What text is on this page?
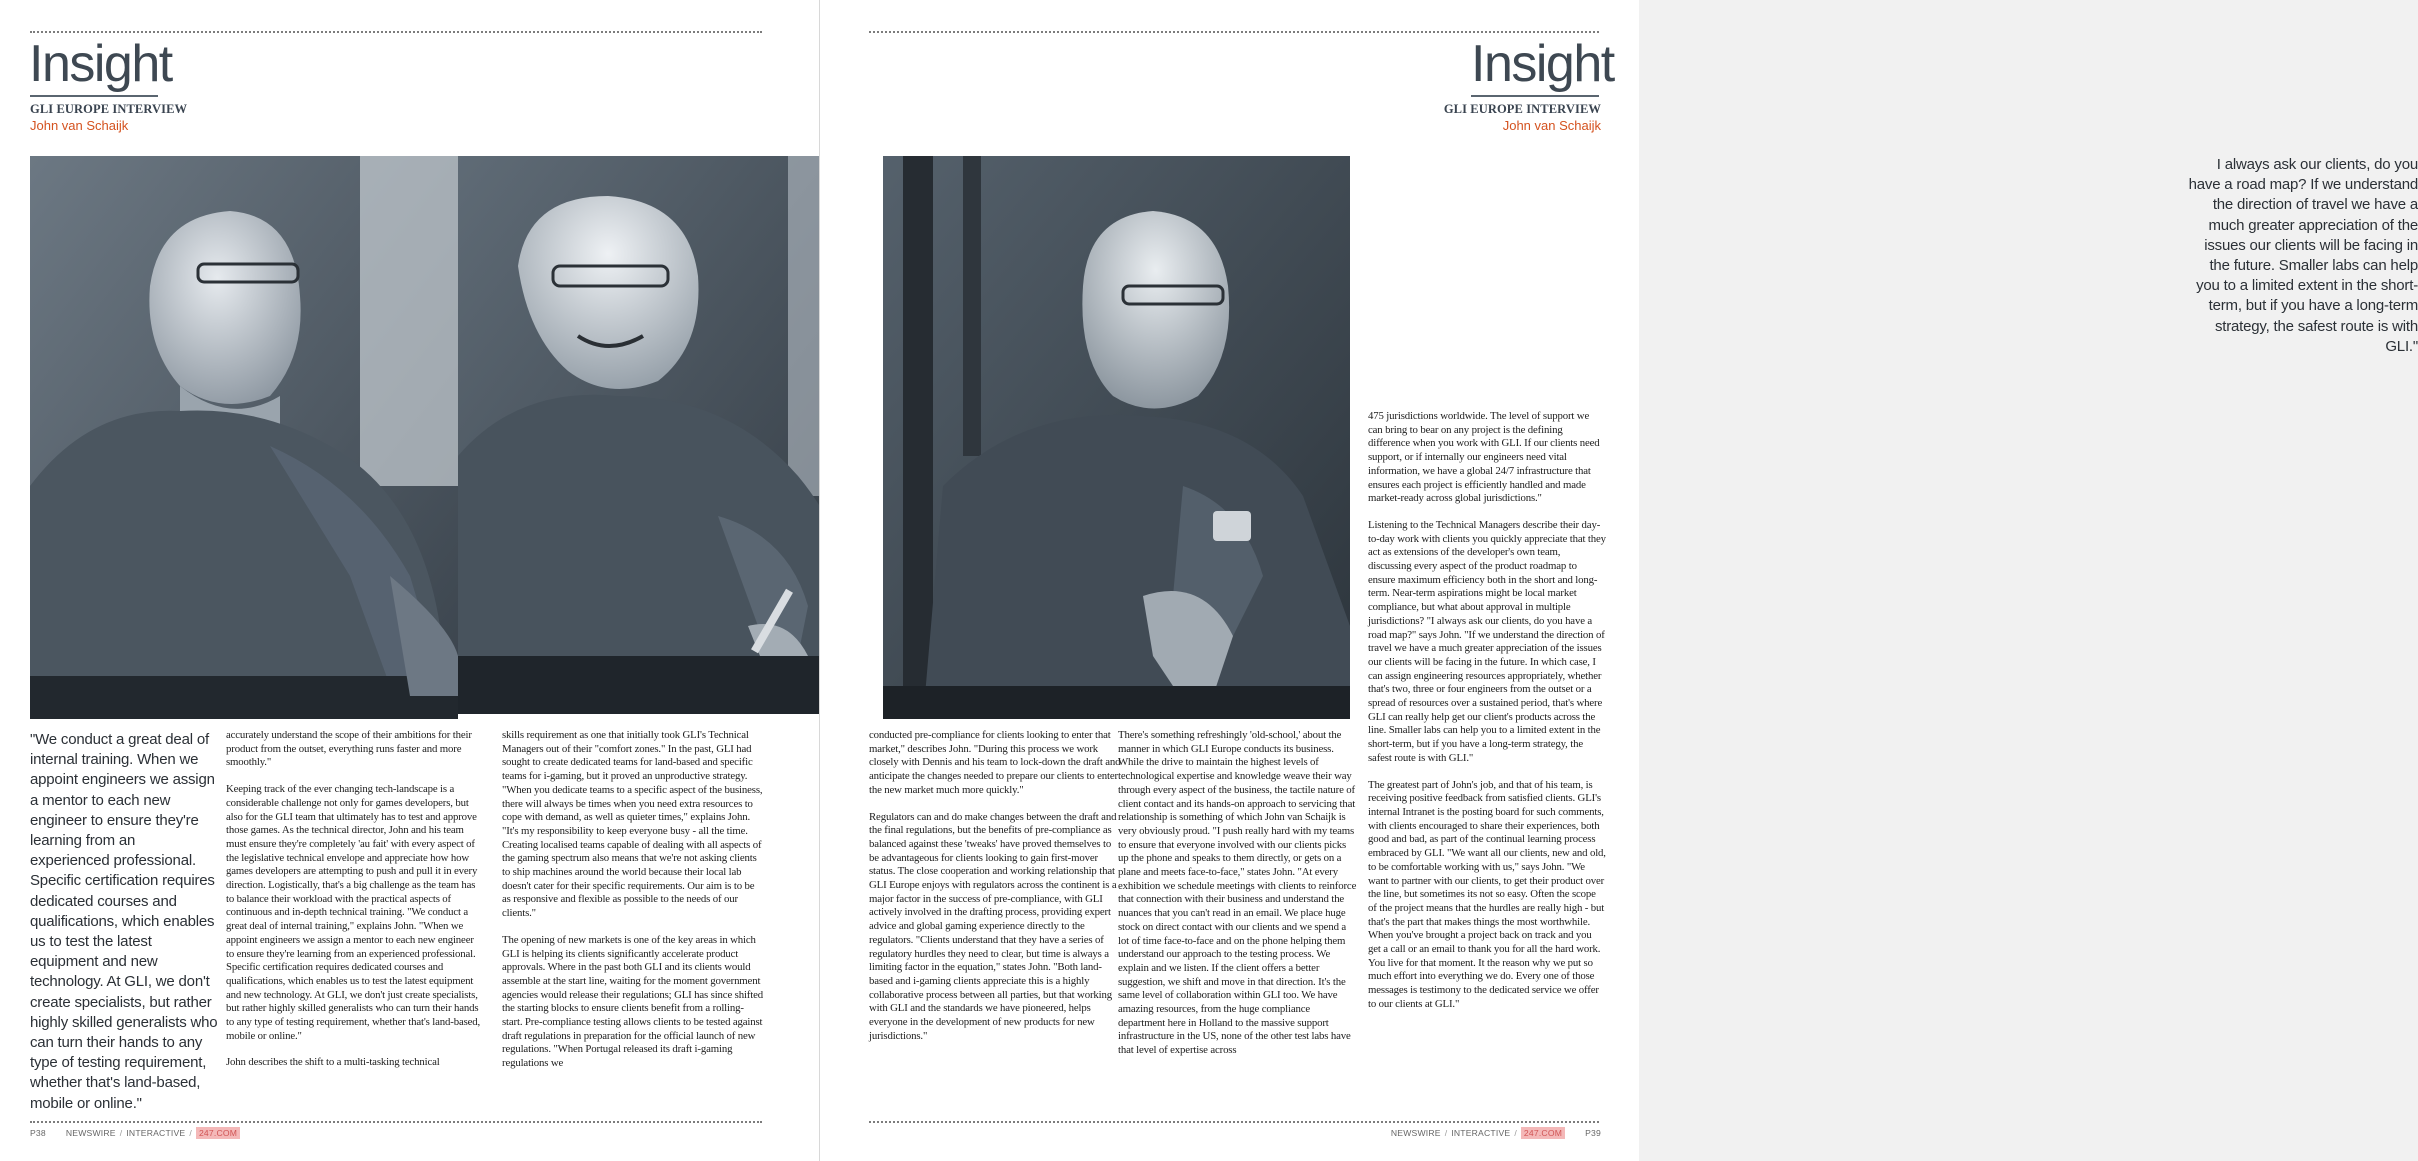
Insight
GLI EUROPE INTERVIEW
John van Schaijk

"We conduct a great deal of internal training. When we appoint engineers we assign a mentor to each new engineer to ensure they're learning from an experienced professional. Specific certification requires dedicated courses and qualifications, which enables us to test the latest equipment and new technology. At GLI, we don't create specialists, but rather highly skilled generalists who can turn their hands to any type of testing requirement, whether that's land-based, mobile or online."

accurately understand the scope of their ambitions for their product from the outset, everything runs faster and more smoothly."

Keeping track of the ever changing tech-landscape is a considerable challenge not only for games developers, but also for the GLI team that ultimately has to test and approve those games. As the technical director, John and his team must ensure they're completely 'au fait' with every aspect of the legislative technical envelope and appreciate how how games developers are attempting to push and pull it in every direction. Logistically, that's a big challenge as the team has to balance their workload with the practical aspects of continuous and in-depth technical training. "We conduct a great deal of internal training," explains John. "When we appoint engineers we assign a mentor to each new engineer to ensure they're learning from an experienced professional. Specific certification requires dedicated courses and qualifications, which enables us to test the latest equipment and new technology. At GLI, we don't just create specialists, but rather highly skilled generalists who can turn their hands to any type of testing requirement, whether that's land-based, mobile or online."

John describes the shift to a multi-tasking technical

skills requirement as one that initially took GLI's Technical Managers out of their "comfort zones." In the past, GLI had sought to create dedicated teams for land-based and specific teams for i-gaming, but it proved an unproductive strategy. "When you dedicate teams to a specific aspect of the business, there will always be times when you need extra resources to cope with demand, as well as quieter times," explains John. "It's my responsibility to keep everyone busy - all the time. Creating localised teams capable of dealing with all aspects of the gaming spectrum also means that we're not asking clients to ship machines around the world because their local lab doesn't cater for their specific requirements. Our aim is to be as responsive and flexible as possible to the needs of our clients."

The opening of new markets is one of the key areas in which GLI is helping its clients significantly accelerate product approvals. Where in the past both GLI and its clients would assemble at the start line, waiting for the moment government agencies would release their regulations; GLI has since shifted the starting blocks to ensure clients benefit from a rolling-start. Pre-compliance testing allows clients to be tested against draft regulations in preparation for the official launch of new regulations. "When Portugal released its draft i-gaming regulations we

P38 NEWSWIRE / INTERACTIVE / 247.COM
Insight
GLI EUROPE INTERVIEW
John van Schaijk

I always ask our clients, do you have a road map? If we understand the direction of travel we have a much greater appreciation of the issues our clients will be facing in the future. Smaller labs can help you to a limited extent in the short-term, but if you have a long-term strategy, the safest route is with GLI."

conducted pre-compliance for clients looking to enter that market," describes John. "During this process we work closely with Dennis and his team to lock-down the draft and anticipate the changes needed to prepare our clients to enter the new market much more quickly."

Regulators can and do make changes between the draft and the final regulations, but the benefits of pre-compliance as balanced against these 'tweaks' have proved themselves to be advantageous for clients looking to gain first-mover status. The close cooperation and working relationship that GLI Europe enjoys with regulators across the continent is a major factor in the success of pre-compliance, with GLI actively involved in the drafting process, providing expert advice and global gaming experience directly to the regulators. "Clients understand that they have a series of regulatory hurdles they need to clear, but time is always a limiting factor in the equation," states John. "Both land-based and i-gaming clients appreciate this is a highly collaborative process between all parties, but that working with GLI and the standards we have pioneered, helps everyone in the development of new products for new jurisdictions."

There's something refreshingly 'old-school,' about the manner in which GLI Europe conducts its business. While the drive to maintain the highest levels of technological expertise and knowledge weave their way through every aspect of the business, the tactile nature of client contact and its hands-on approach to servicing that relationship is something of which John van Schaijk is very obviously proud. "I push really hard with my teams to ensure that everyone involved with our clients picks up the phone and speaks to them directly, or gets on a plane and meets face-to-face," states John. "At every exhibition we schedule meetings with clients to reinforce that connection with their business and understand the nuances that you can't read in an email. We place huge stock on direct contact with our clients and we spend a lot of time face-to-face and on the phone helping them understand our approach to the testing process. We explain and we listen. If the client offers a better suggestion, we shift and move in that direction. It's the same level of collaboration within GLI too. We have amazing resources, from the huge compliance department here in Holland to the massive support infrastructure in the US, none of the other test labs have that level of expertise across

475 jurisdictions worldwide. The level of support we can bring to bear on any project is the defining difference when you work with GLI. If our clients need support, or if internally our engineers need vital information, we have a global 24/7 infrastructure that ensures each project is efficiently handled and made market-ready across global jurisdictions."

Listening to the Technical Managers describe their day-to-day work with clients you quickly appreciate that they act as extensions of the developer's own team, discussing every aspect of the product roadmap to ensure maximum efficiency both in the short and long-term. Near-term aspirations might be local market compliance, but what about approval in multiple jurisdictions? "I always ask our clients, do you have a road map?" says John. "If we understand the direction of travel we have a much greater appreciation of the issues our clients will be facing in the future. In which case, I can assign engineering resources appropriately, whether that's two, three or four engineers from the outset or a spread of resources over a sustained period, that's where GLI can really help get our client's products across the line. Smaller labs can help you to a limited extent in the short-term, but if you have a long-term strategy, the safest route is with GLI."

The greatest part of John's job, and that of his team, is receiving positive feedback from satisfied clients. GLI's internal Intranet is the posting board for such comments, with clients encouraged to share their experiences, both good and bad, as part of the continual learning process embraced by GLI. "We want all our clients, new and old, to be comfortable working with us," says John. "We want to partner with our clients, to get their product over the line, but sometimes its not so easy. Often the scope of the project means that the hurdles are really high - but that's the part that makes things the most worthwhile. When you've brought a project back on track and you get a call or an email to thank you for all the hard work. You live for that moment. It the reason why we put so much effort into everything we do. Every one of those messages is testimony to the dedicated service we offer to our clients at GLI."

NEWSWIRE / INTERACTIVE / 247.COM	P39
